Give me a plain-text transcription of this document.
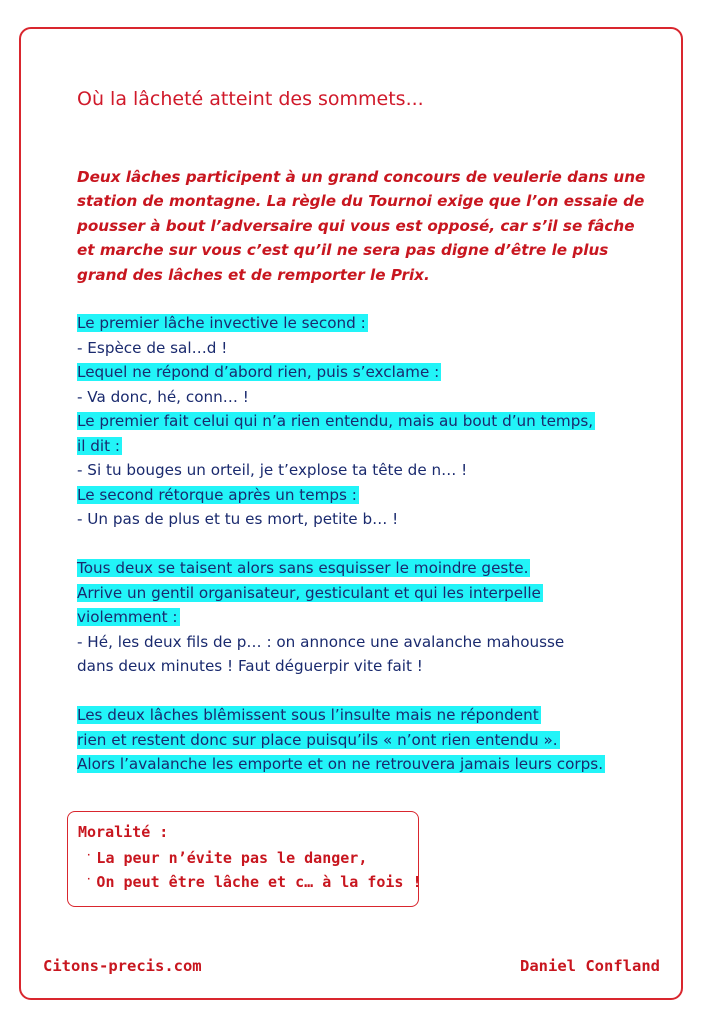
Où la lâcheté atteint des sommets...

Deux lâches participent à un grand concours de veulerie dans une
station de montagne. La règle du Tournoi exige que l’on essaie de
pousser à bout l’adversaire qui vous est opposé, car s’il se fâche
et marche sur vous c’est qu’il ne sera pas digne d’être le plus
grand des lâches et de remporter le Prix.

Le premier lâche invective le second :
- Espèce de sal…d !
Lequel ne répond d’abord rien, puis s’exclame :
- Va donc, hé, conn… !
Le premier fait celui qui n’a rien entendu, mais au bout d’un temps,
il dit :
- Si tu bouges un orteil, je t’explose ta tête de n… !
Le second rétorque après un temps :
- Un pas de plus et tu es mort, petite b… !
Tous deux se taisent alors sans esquisser le moindre geste.
Arrive un gentil organisateur, gesticulant et qui les interpelle
violemment :
- Hé, les deux fils de p… : on annonce une avalanche mahousse
dans deux minutes ! Faut déguerpir vite fait !
Les deux lâches blêmissent sous l’insulte mais ne répondent
rien et restent donc sur place puisqu’ils « n’ont rien entendu ».
Alors l’avalanche les emporte et on ne retrouvera jamais leurs corps.
Moralité :
· La peur n’évite pas le danger,
· On peut être lâche et c… à la fois !
Citons-precis.com	Daniel Confland
